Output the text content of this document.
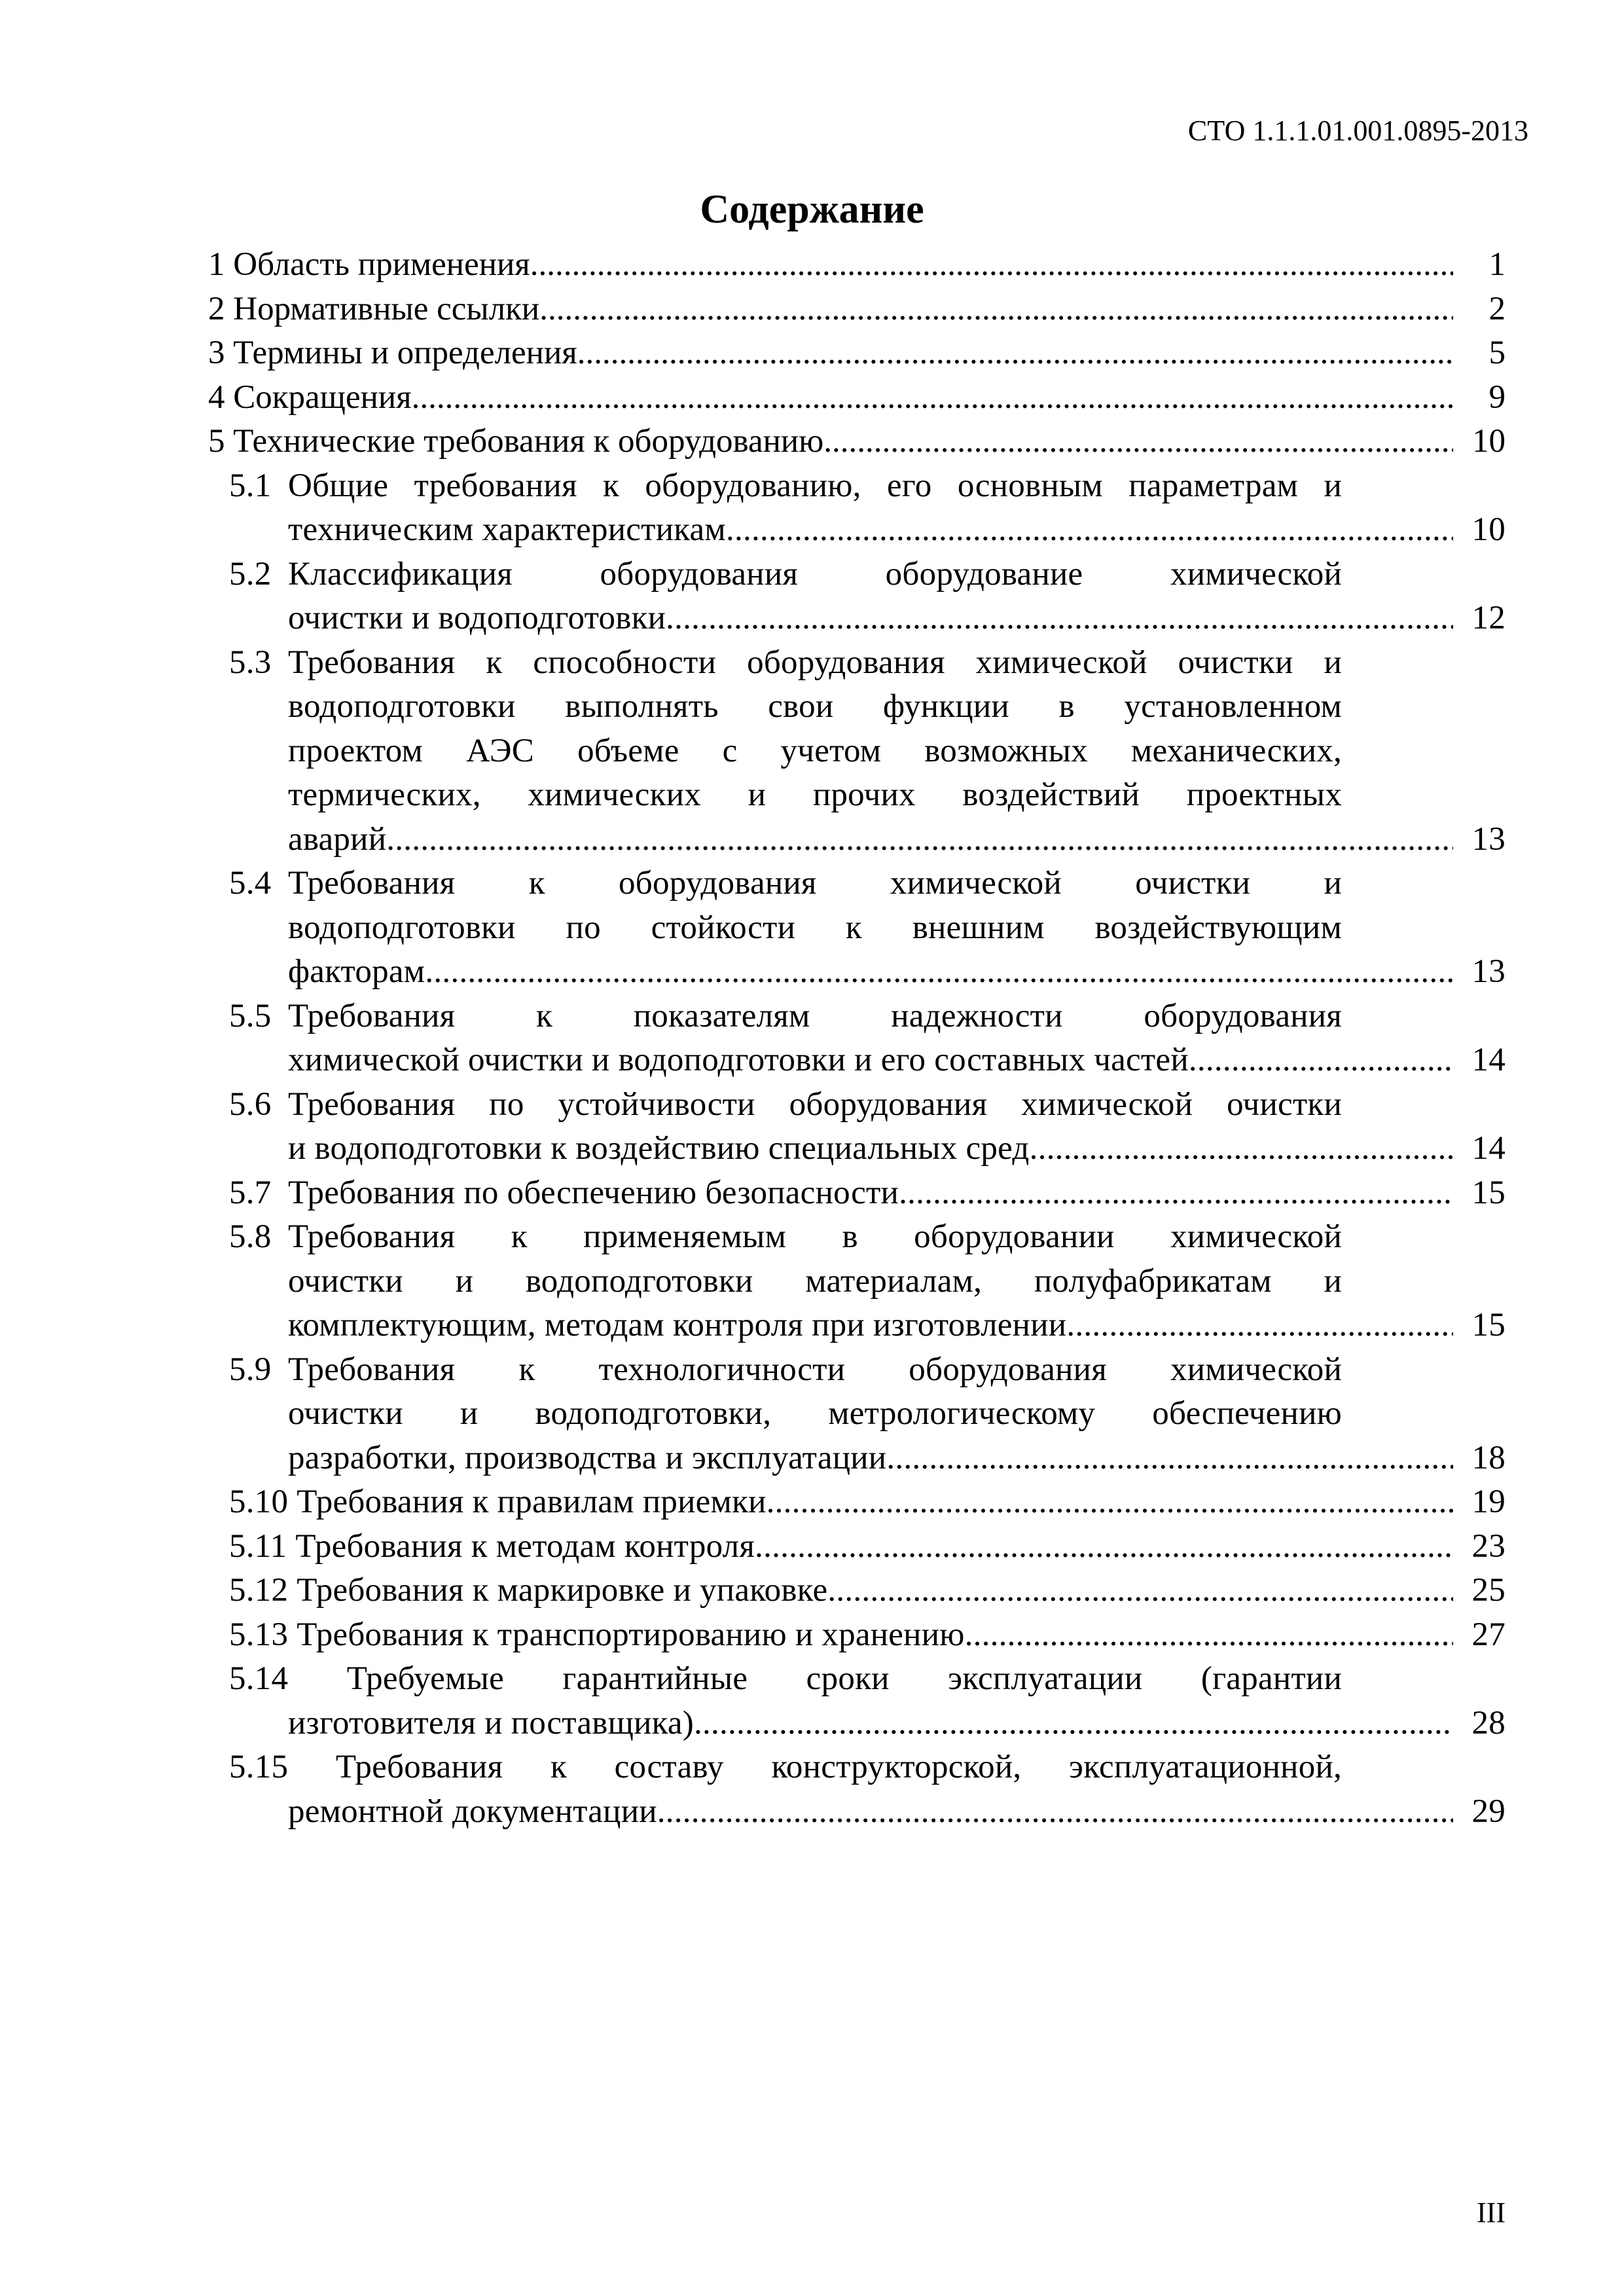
СТО 1.1.1.01.001.0895-2013
Содержание
1 Область применения .....	1
2 Нормативные ссылки .....	2
3 Термины и определения .....	5
4 Сокращения .....	9
5 Технические требования к оборудованию .....	10
5.1 Общие требования к оборудованию, его основным параметрам и
техническим характеристикам .....	10
5.2 Классификация оборудования оборудование химической
очистки и водоподготовки .....	12
5.3 Требования к способности оборудования химической очистки и
водоподготовки выполнять свои функции в установленном
проектом АЭС объеме с учетом возможных механических,
термических, химических и прочих воздействий проектных
аварий .....	13
5.4 Требования к оборудования химической очистки и
водоподготовки по стойкости к внешним воздействующим
факторам .....	13
5.5 Требования к показателям надежности оборудования
химической очистки и водоподготовки и его составных частей .....	14
5.6 Требования по устойчивости оборудования химической очистки
и водоподготовки к воздействию специальных сред .....	14
5.7 Требования по обеспечению безопасности .....	15
5.8 Требования к применяемым в оборудовании химической
очистки и водоподготовки материалам, полуфабрикатам и
комплектующим, методам контроля при изготовлении .....	15
5.9 Требования к технологичности оборудования химической
очистки и водоподготовки, метрологическому обеспечению
разработки, производства и эксплуатации .....	18
5.10 Требования к правилам приемки .....	19
5.11 Требования к методам контроля .....	23
5.12 Требования к маркировке и упаковке .....	25
5.13 Требования к транспортированию и хранению .....	27
5.14 Требуемые гарантийные сроки эксплуатации (гарантии
изготовителя и поставщика) .....	28
5.15 Требования к составу конструкторской, эксплуатационной,
ремонтной документации .....	29
III
